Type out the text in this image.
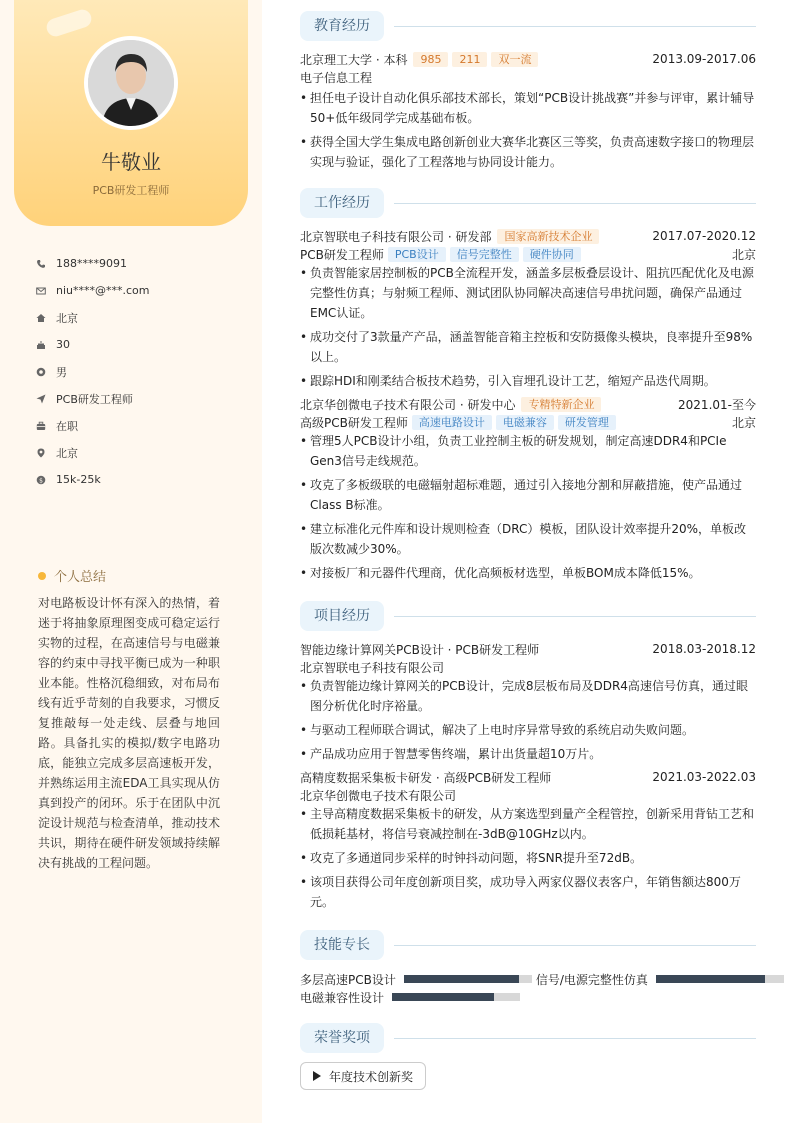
牛敬业
PCB研发工程师
188****9091
niu****@***.com
北京
30
男
PCB研发工程师
在职
北京
$ 15k-25k
个人总结
对电路板设计怀有深入的热情，着迷于将抽象原理图变成可稳定运行实物的过程，在高速信号与电磁兼容的约束中寻找平衡已成为一种职业本能。性格沉稳细致，对布局布线有近乎苛刻的自我要求，习惯反复推敲每一处走线、层叠与地回路。具备扎实的模拟/数字电路功底，能独立完成多层高速板开发，并熟练运用主流EDA工具实现从仿真到投产的闭环。乐于在团队中沉淀设计规范与检查清单，推动技术共识，期待在硬件研发领域持续解决有挑战的工程问题。
教育经历
北京理工大学 · 本科	985	211	双一流	2013.09-2017.06
电子信息工程
• 担任电子设计自动化俱乐部技术部长，策划“PCB设计挑战赛”并参与评审，累计辅导50+低年级同学完成基础布板。
• 获得全国大学生集成电路创新创业大赛华北赛区三等奖，负责高速数字接口的物理层实现与验证，强化了工程落地与协同设计能力。
工作经历
北京智联电子科技有限公司 · 研发部	国家高新技术企业	2017.07-2020.12
PCB研发工程师	PCB设计	信号完整性	硬件协同	北京
• 负责智能家居控制板的PCB全流程开发，涵盖多层板叠层设计、阻抗匹配优化及电源完整性仿真；与射频工程师、测试团队协同解决高速信号串扰问题，确保产品通过EMC认证。
• 成功交付了3款量产产品，涵盖智能音箱主控板和安防摄像头模块，良率提升至98%以上。
• 跟踪HDI和刚柔结合板技术趋势，引入盲埋孔设计工艺，缩短产品迭代周期。
北京华创微电子技术有限公司 · 研发中心	专精特新企业	2021.01-至今
高级PCB研发工程师	高速电路设计	电磁兼容	研发管理	北京
• 管理5人PCB设计小组，负责工业控制主板的研发规划，制定高速DDR4和PCIe Gen3信号走线规范。
• 攻克了多板级联的电磁辐射超标难题，通过引入接地分割和屏蔽措施，使产品通过Class B标准。
• 建立标准化元件库和设计规则检查（DRC）模板，团队设计效率提升20%，单板改版次数减少30%。
• 对接板厂和元器件代理商，优化高频板材选型，单板BOM成本降低15%。
项目经历
智能边缘计算网关PCB设计 · PCB研发工程师	2018.03-2018.12
北京智联电子科技有限公司
• 负责智能边缘计算网关的PCB设计，完成8层板布局及DDR4高速信号仿真，通过眼图分析优化时序裕量。
• 与驱动工程师联合调试，解决了上电时序异常导致的系统启动失败问题。
• 产品成功应用于智慧零售终端，累计出货量超10万片。
高精度数据采集板卡研发 · 高级PCB研发工程师	2021.03-2022.03
北京华创微电子技术有限公司
• 主导高精度数据采集板卡的研发，从方案选型到量产全程管控，创新采用背钻工艺和低损耗基材，将信号衰减控制在-3dB@10GHz以内。
• 攻克了多通道同步采样的时钟抖动问题，将SNR提升至72dB。
• 该项目获得公司年度创新项目奖，成功导入两家仪器仪表客户，年销售额达800万元。
技能专长
多层高速PCB设计	信号/电源完整性仿真
电磁兼容性设计
荣誉奖项
年度技术创新奖
